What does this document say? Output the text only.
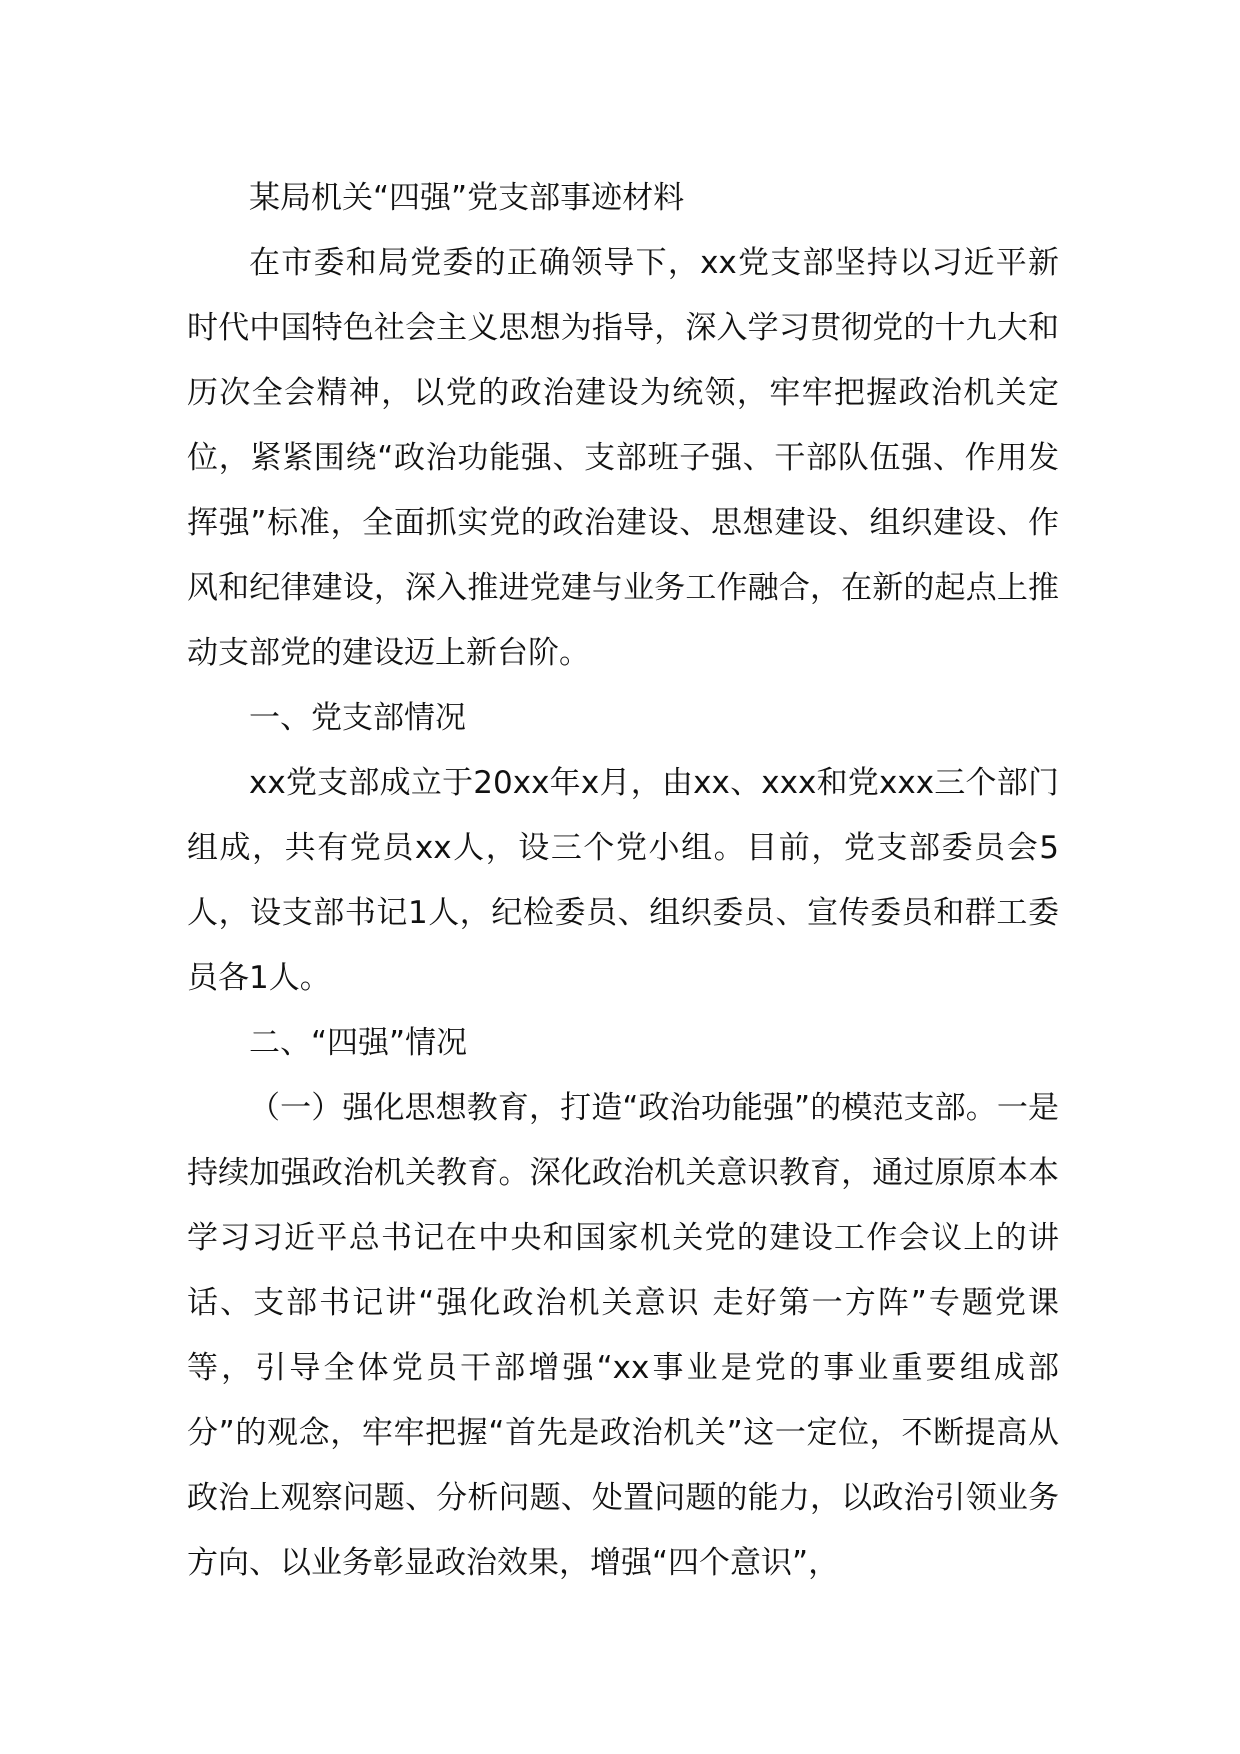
某局机关“四强”党支部事迹材料

在市委和局党委的正确领导下，xx党支部坚持以习近平新时代中国特色社会主义思想为指导，深入学习贯彻党的十九大和历次全会精神，以党的政治建设为统领，牢牢把握政治机关定位，紧紧围绕“政治功能强、支部班子强、干部队伍强、作用发挥强”标准，全面抓实党的政治建设、思想建设、组织建设、作风和纪律建设，深入推进党建与业务工作融合，在新的起点上推动支部党的建设迈上新台阶。

一、党支部情况

xx党支部成立于20xx年x月，由xx、xxx和党xxx三个部门组成，共有党员xx人，设三个党小组。目前，党支部委员会5人，设支部书记1人，纪检委员、组织委员、宣传委员和群工委员各1人。

二、“四强”情况

（一）强化思想教育，打造“政治功能强”的模范支部。一是持续加强政治机关教育。深化政治机关意识教育，通过原原本本学习习近平总书记在中央和国家机关党的建设工作会议上的讲话、支部书记讲“强化政治机关意识 走好第一方阵”专题党课等，引导全体党员干部增强“xx事业是党的事业重要组成部分”的观念，牢牢把握“首先是政治机关”这一定位，不断提高从政治上观察问题、分析问题、处置问题的能力，以政治引领业务方向、以业务彰显政治效果，增强“四个意识”，
